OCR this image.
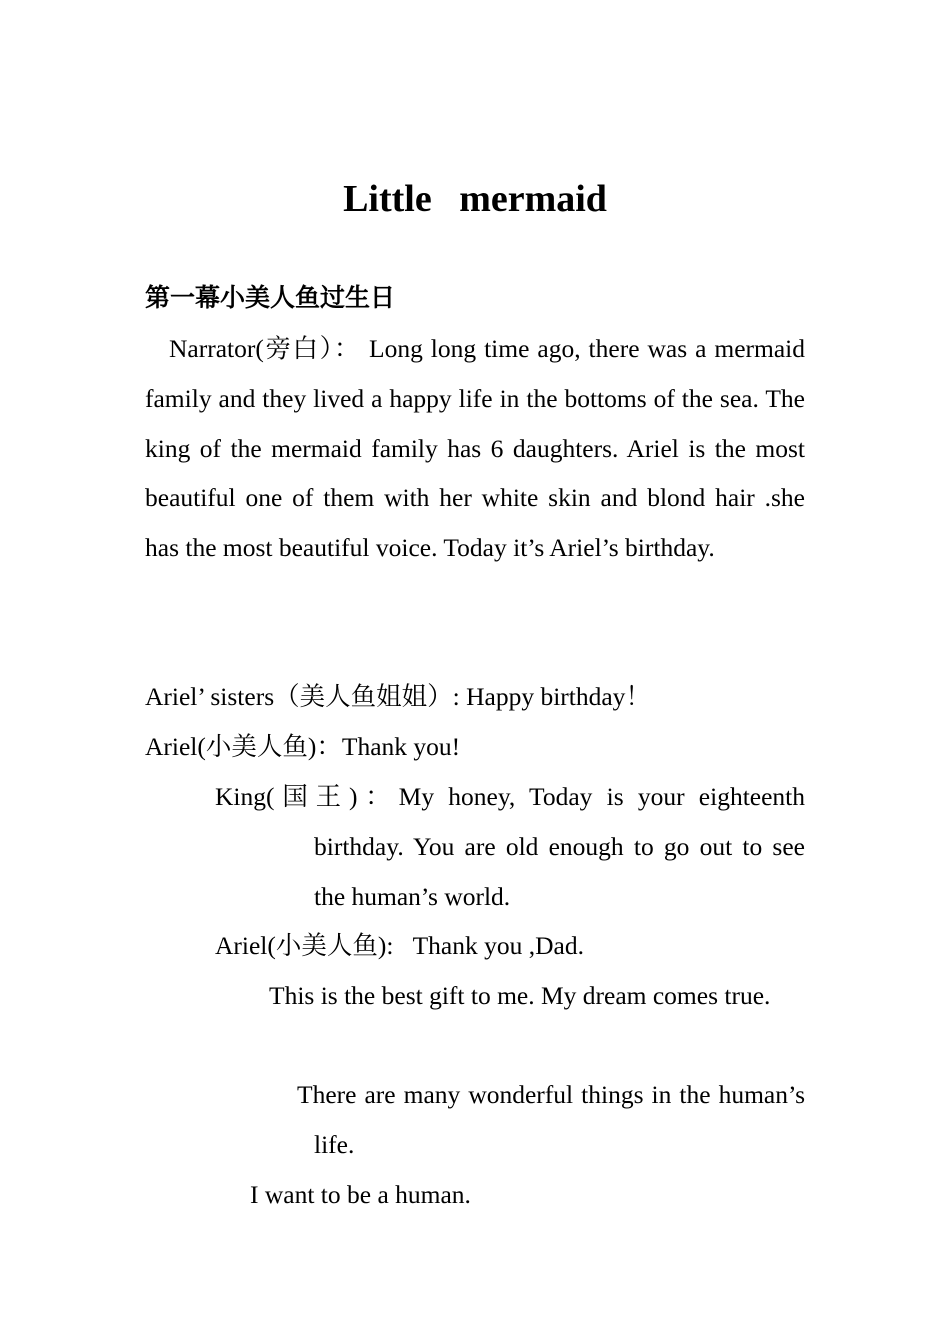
Little mermaid
第一幕小美人鱼过生日
Narrator(旁白）： Long long time ago, there was a mermaid family and they lived a happy life in the bottoms of the sea. The king of the mermaid family has 6 daughters. Ariel is the most beautiful one of them with her white skin and blond hair .she has the most beautiful voice. Today it’s Ariel’s birthday.
Ariel’ sisters（美人鱼姐姐）: Happy birthday！
Ariel(小美人鱼)：Thank you!
King(国王)：My honey, Today is your eighteenth birthday. You are old enough to go out to see the human’s world.
Ariel(小美人鱼): Thank you ,Dad.
This is the best gift to me. My dream comes true.
There are many wonderful things in the human’s life.
I want to be a human.
